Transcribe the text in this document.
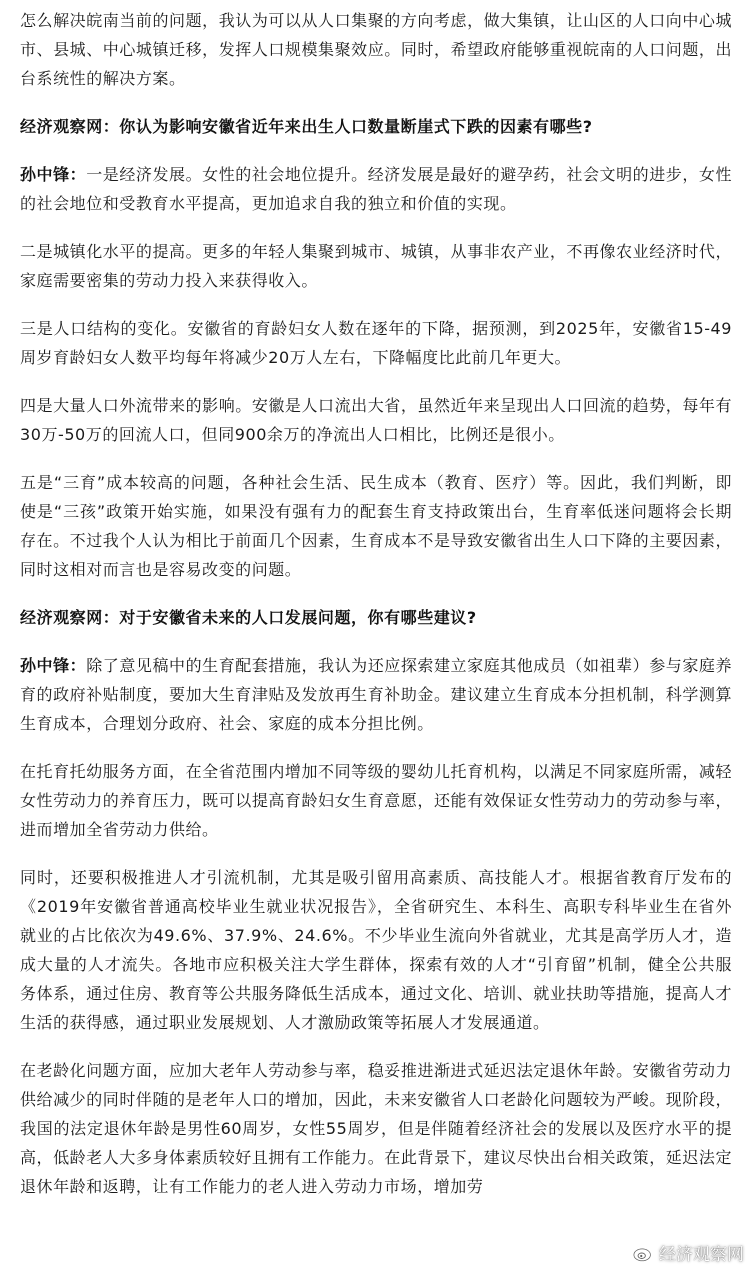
怎么解决皖南当前的问题，我认为可以从人口集聚的方向考虑，做大集镇，让山区的人口向中心城市、县城、中心城镇迁移，发挥人口规模集聚效应。同时，希望政府能够重视皖南的人口问题，出台系统性的解决方案。

经济观察网：你认为影响安徽省近年来出生人口数量断崖式下跌的因素有哪些?

孙中锋：一是经济发展。女性的社会地位提升。经济发展是最好的避孕药，社会文明的进步，女性的社会地位和受教育水平提高，更加追求自我的独立和价值的实现。

二是城镇化水平的提高。更多的年轻人集聚到城市、城镇，从事非农产业，不再像农业经济时代，家庭需要密集的劳动力投入来获得收入。

三是人口结构的变化。安徽省的育龄妇女人数在逐年的下降，据预测，到2025年，安徽省15-49周岁育龄妇女人数平均每年将减少20万人左右，下降幅度比此前几年更大。

四是大量人口外流带来的影响。安徽是人口流出大省，虽然近年来呈现出人口回流的趋势，每年有30万-50万的回流人口，但同900余万的净流出人口相比，比例还是很小。

五是“三育”成本较高的问题，各种社会生活、民生成本（教育、医疗）等。因此，我们判断，即使是“三孩”政策开始实施，如果没有强有力的配套生育支持政策出台，生育率低迷问题将会长期存在。不过我个人认为相比于前面几个因素，生育成本不是导致安徽省出生人口下降的主要因素，同时这相对而言也是容易改变的问题。

经济观察网：对于安徽省未来的人口发展问题，你有哪些建议?

孙中锋：除了意见稿中的生育配套措施，我认为还应探索建立家庭其他成员（如祖辈）参与家庭养育的政府补贴制度，要加大生育津贴及发放再生育补助金。建议建立生育成本分担机制，科学测算生育成本，合理划分政府、社会、家庭的成本分担比例。

在托育托幼服务方面，在全省范围内增加不同等级的婴幼儿托育机构，以满足不同家庭所需，减轻女性劳动力的养育压力，既可以提高育龄妇女生育意愿，还能有效保证女性劳动力的劳动参与率，进而增加全省劳动力供给。

同时，还要积极推进人才引流机制，尤其是吸引留用高素质、高技能人才。根据省教育厅发布的《2019年安徽省普通高校毕业生就业状况报告》，全省研究生、本科生、高职专科毕业生在省外就业的占比依次为49.6%、37.9%、24.6%。不少毕业生流向外省就业，尤其是高学历人才，造成大量的人才流失。各地市应积极关注大学生群体，探索有效的人才“引育留”机制，健全公共服务体系，通过住房、教育等公共服务降低生活成本，通过文化、培训、就业扶助等措施，提高人才生活的获得感，通过职业发展规划、人才激励政策等拓展人才发展通道。

在老龄化问题方面，应加大老年人劳动参与率，稳妥推进渐进式延迟法定退休年龄。安徽省劳动力供给减少的同时伴随的是老年人口的增加，因此，未来安徽省人口老龄化问题较为严峻。现阶段，我国的法定退休年龄是男性60周岁，女性55周岁，但是伴随着经济社会的发展以及医疗水平的提高，低龄老人大多身体素质较好且拥有工作能力。在此背景下，建议尽快出台相关政策，延迟法定退休年龄和返聘，让有工作能力的老人进入劳动力市场，增加劳

经济观察网
